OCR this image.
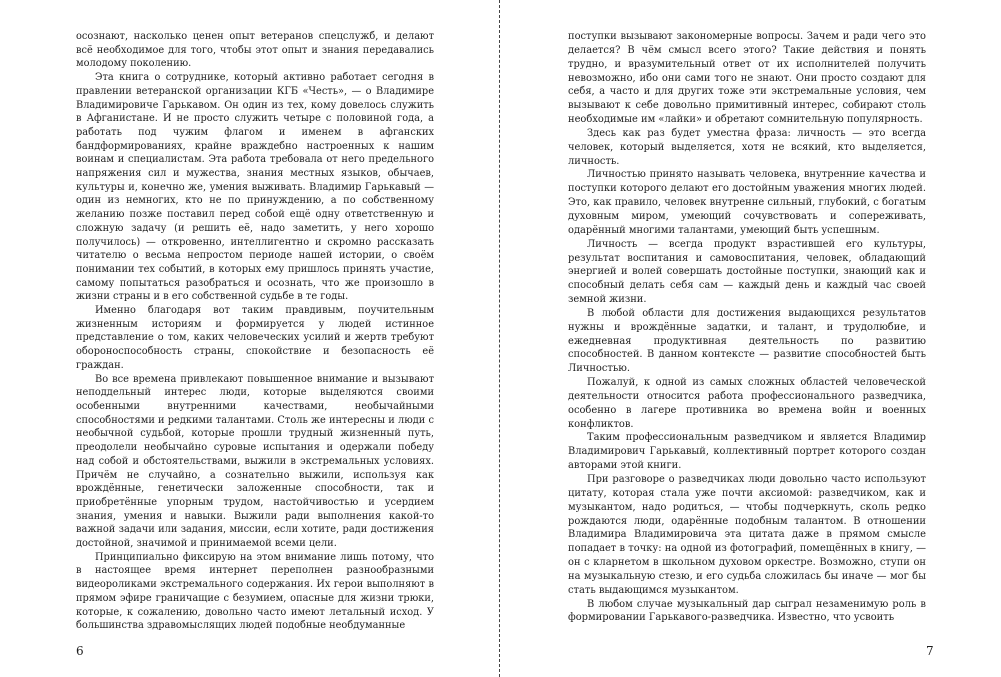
осознают, насколько ценен опыт ветеранов спецслужб, и делают всё необходимое для того, чтобы этот опыт и знания передавались молодому поколению.

Эта книга о сотруднике, который активно работает сегодня в правлении ветеранской организации КГБ «Честь», — о Владимире Владимировиче Гарькавом. Он один из тех, кому довелось служить в Афганистане. И не просто служить четыре с половиной года, а работать под чужим флагом и именем в афганских бандформированиях, крайне враждебно настроенных к нашим воинам и специалистам. Эта работа требовала от него предельного напряжения сил и мужества, знания местных языков, обычаев, культуры и, конечно же, умения выживать. Владимир Гарькавый — один из немногих, кто не по принуждению, а по собственному желанию позже поставил перед собой ещё одну ответственную и сложную задачу (и решить её, надо заметить, у него хорошо получилось) — откровенно, интеллигентно и скромно рассказать читателю о весьма непростом периоде нашей истории, о своём понимании тех событий, в которых ему пришлось принять участие, самому попытаться разобраться и осознать, что же произошло в жизни страны и в его собственной судьбе в те годы.

Именно благодаря вот таким правдивым, поучительным жизненным историям и формируется у людей истинное представление о том, каких человеческих усилий и жертв требуют обороноспособность страны, спокойствие и безопасность её граждан.

Во все времена привлекают повышенное внимание и вызывают неподдельный интерес люди, которые выделяются своими особенными внутренними качествами, необычайными способностями и редкими талантами. Столь же интересны и люди с необычной судьбой, которые прошли трудный жизненный путь, преодолели необычайно суровые испытания и одержали победу над собой и обстоятельствами, выжили в экстремальных условиях. Причём не случайно, а сознательно выжили, используя как врождённые, генетически заложенные способности, так и приобретённые упорным трудом, настойчивостью и усердием знания, умения и навыки. Выжили ради выполнения какой-то важной задачи или задания, миссии, если хотите, ради достижения достойной, значимой и принимаемой всеми цели.

Принципиально фиксирую на этом внимание лишь потому, что в настоящее время интернет переполнен разнообразными видеороликами экстремального содержания. Их герои выполняют в прямом эфире граничащие с безумием, опасные для жизни трюки, которые, к сожалению, довольно часто имеют летальный исход. У большинства здравомыслящих людей подобные необдуманные

6

поступки вызывают закономерные вопросы. Зачем и ради чего это делается? В чём смысл всего этого? Такие действия и понять трудно, и вразумительный ответ от их исполнителей получить невозможно, ибо они сами того не знают. Они просто создают для себя, а часто и для других тоже эти экстремальные условия, чем вызывают к себе довольно примитивный интерес, собирают столь необходимые им «лайки» и обретают сомнительную популярность.

Здесь как раз будет уместна фраза: личность — это всегда человек, который выделяется, хотя не всякий, кто выделяется, личность.

Личностью принято называть человека, внутренние качества и поступки которого делают его достойным уважения многих людей. Это, как правило, человек внутренне сильный, глубокий, с богатым духовным миром, умеющий сочувствовать и сопереживать, одарённый многими талантами, умеющий быть успешным.

Личность — всегда продукт взрастившей его культуры, результат воспитания и самовоспитания, человек, обладающий энергией и волей совершать достойные поступки, знающий как и способный делать себя сам — каждый день и каждый час своей земной жизни.

В любой области для достижения выдающихся результатов нужны и врождённые задатки, и талант, и трудолюбие, и ежедневная продуктивная деятельность по развитию способностей. В данном контексте — развитие способностей быть Личностью.

Пожалуй, к одной из самых сложных областей человеческой деятельности относится работа профессионального разведчика, особенно в лагере противника во времена войн и военных конфликтов.

Таким профессиональным разведчиком и является Владимир Владимирович Гарькавый, коллективный портрет которого создан авторами этой книги.

При разговоре о разведчиках люди довольно часто используют цитату, которая стала уже почти аксиомой: разведчиком, как и музыкантом, надо родиться, — чтобы подчеркнуть, сколь редко рождаются люди, одарённые подобным талантом. В отношении Владимира Владимировича эта цитата даже в прямом смысле попадает в точку: на одной из фотографий, помещённых в книгу, — он с кларнетом в школьном духовом оркестре. Возможно, ступи он на музыкальную стезю, и его судьба сложилась бы иначе — мог бы стать выдающимся музыкантом.

В любом случае музыкальный дар сыграл незаменимую роль в формировании Гарькавого-разведчика. Известно, что усвоить

7
